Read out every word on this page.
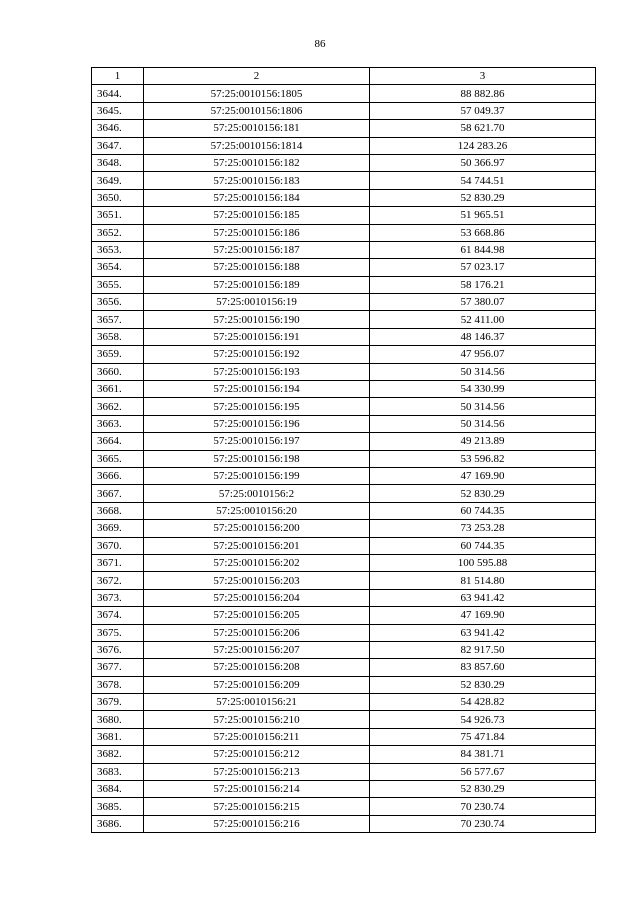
86
1	2	3
3644.	57:25:0010156:1805	88 882.86
3645.	57:25:0010156:1806	57 049.37
3646.	57:25:0010156:181	58 621.70
3647.	57:25:0010156:1814	124 283.26
3648.	57:25:0010156:182	50 366.97
3649.	57:25:0010156:183	54 744.51
3650.	57:25:0010156:184	52 830.29
3651.	57:25:0010156:185	51 965.51
3652.	57:25:0010156:186	53 668.86
3653.	57:25:0010156:187	61 844.98
3654.	57:25:0010156:188	57 023.17
3655.	57:25:0010156:189	58 176.21
3656.	57:25:0010156:19	57 380.07
3657.	57:25:0010156:190	52 411.00
3658.	57:25:0010156:191	48 146.37
3659.	57:25:0010156:192	47 956.07
3660.	57:25:0010156:193	50 314.56
3661.	57:25:0010156:194	54 330.99
3662.	57:25:0010156:195	50 314.56
3663.	57:25:0010156:196	50 314.56
3664.	57:25:0010156:197	49 213.89
3665.	57:25:0010156:198	53 596.82
3666.	57:25:0010156:199	47 169.90
3667.	57:25:0010156:2	52 830.29
3668.	57:25:0010156:20	60 744.35
3669.	57:25:0010156:200	73 253.28
3670.	57:25:0010156:201	60 744.35
3671.	57:25:0010156:202	100 595.88
3672.	57:25:0010156:203	81 514.80
3673.	57:25:0010156:204	63 941.42
3674.	57:25:0010156:205	47 169.90
3675.	57:25:0010156:206	63 941.42
3676.	57:25:0010156:207	82 917.50
3677.	57:25:0010156:208	83 857.60
3678.	57:25:0010156:209	52 830.29
3679.	57:25:0010156:21	54 428.82
3680.	57:25:0010156:210	54 926.73
3681.	57:25:0010156:211	75 471.84
3682.	57:25:0010156:212	84 381.71
3683.	57:25:0010156:213	56 577.67
3684.	57:25:0010156:214	52 830.29
3685.	57:25:0010156:215	70 230.74
3686.	57:25:0010156:216	70 230.74
